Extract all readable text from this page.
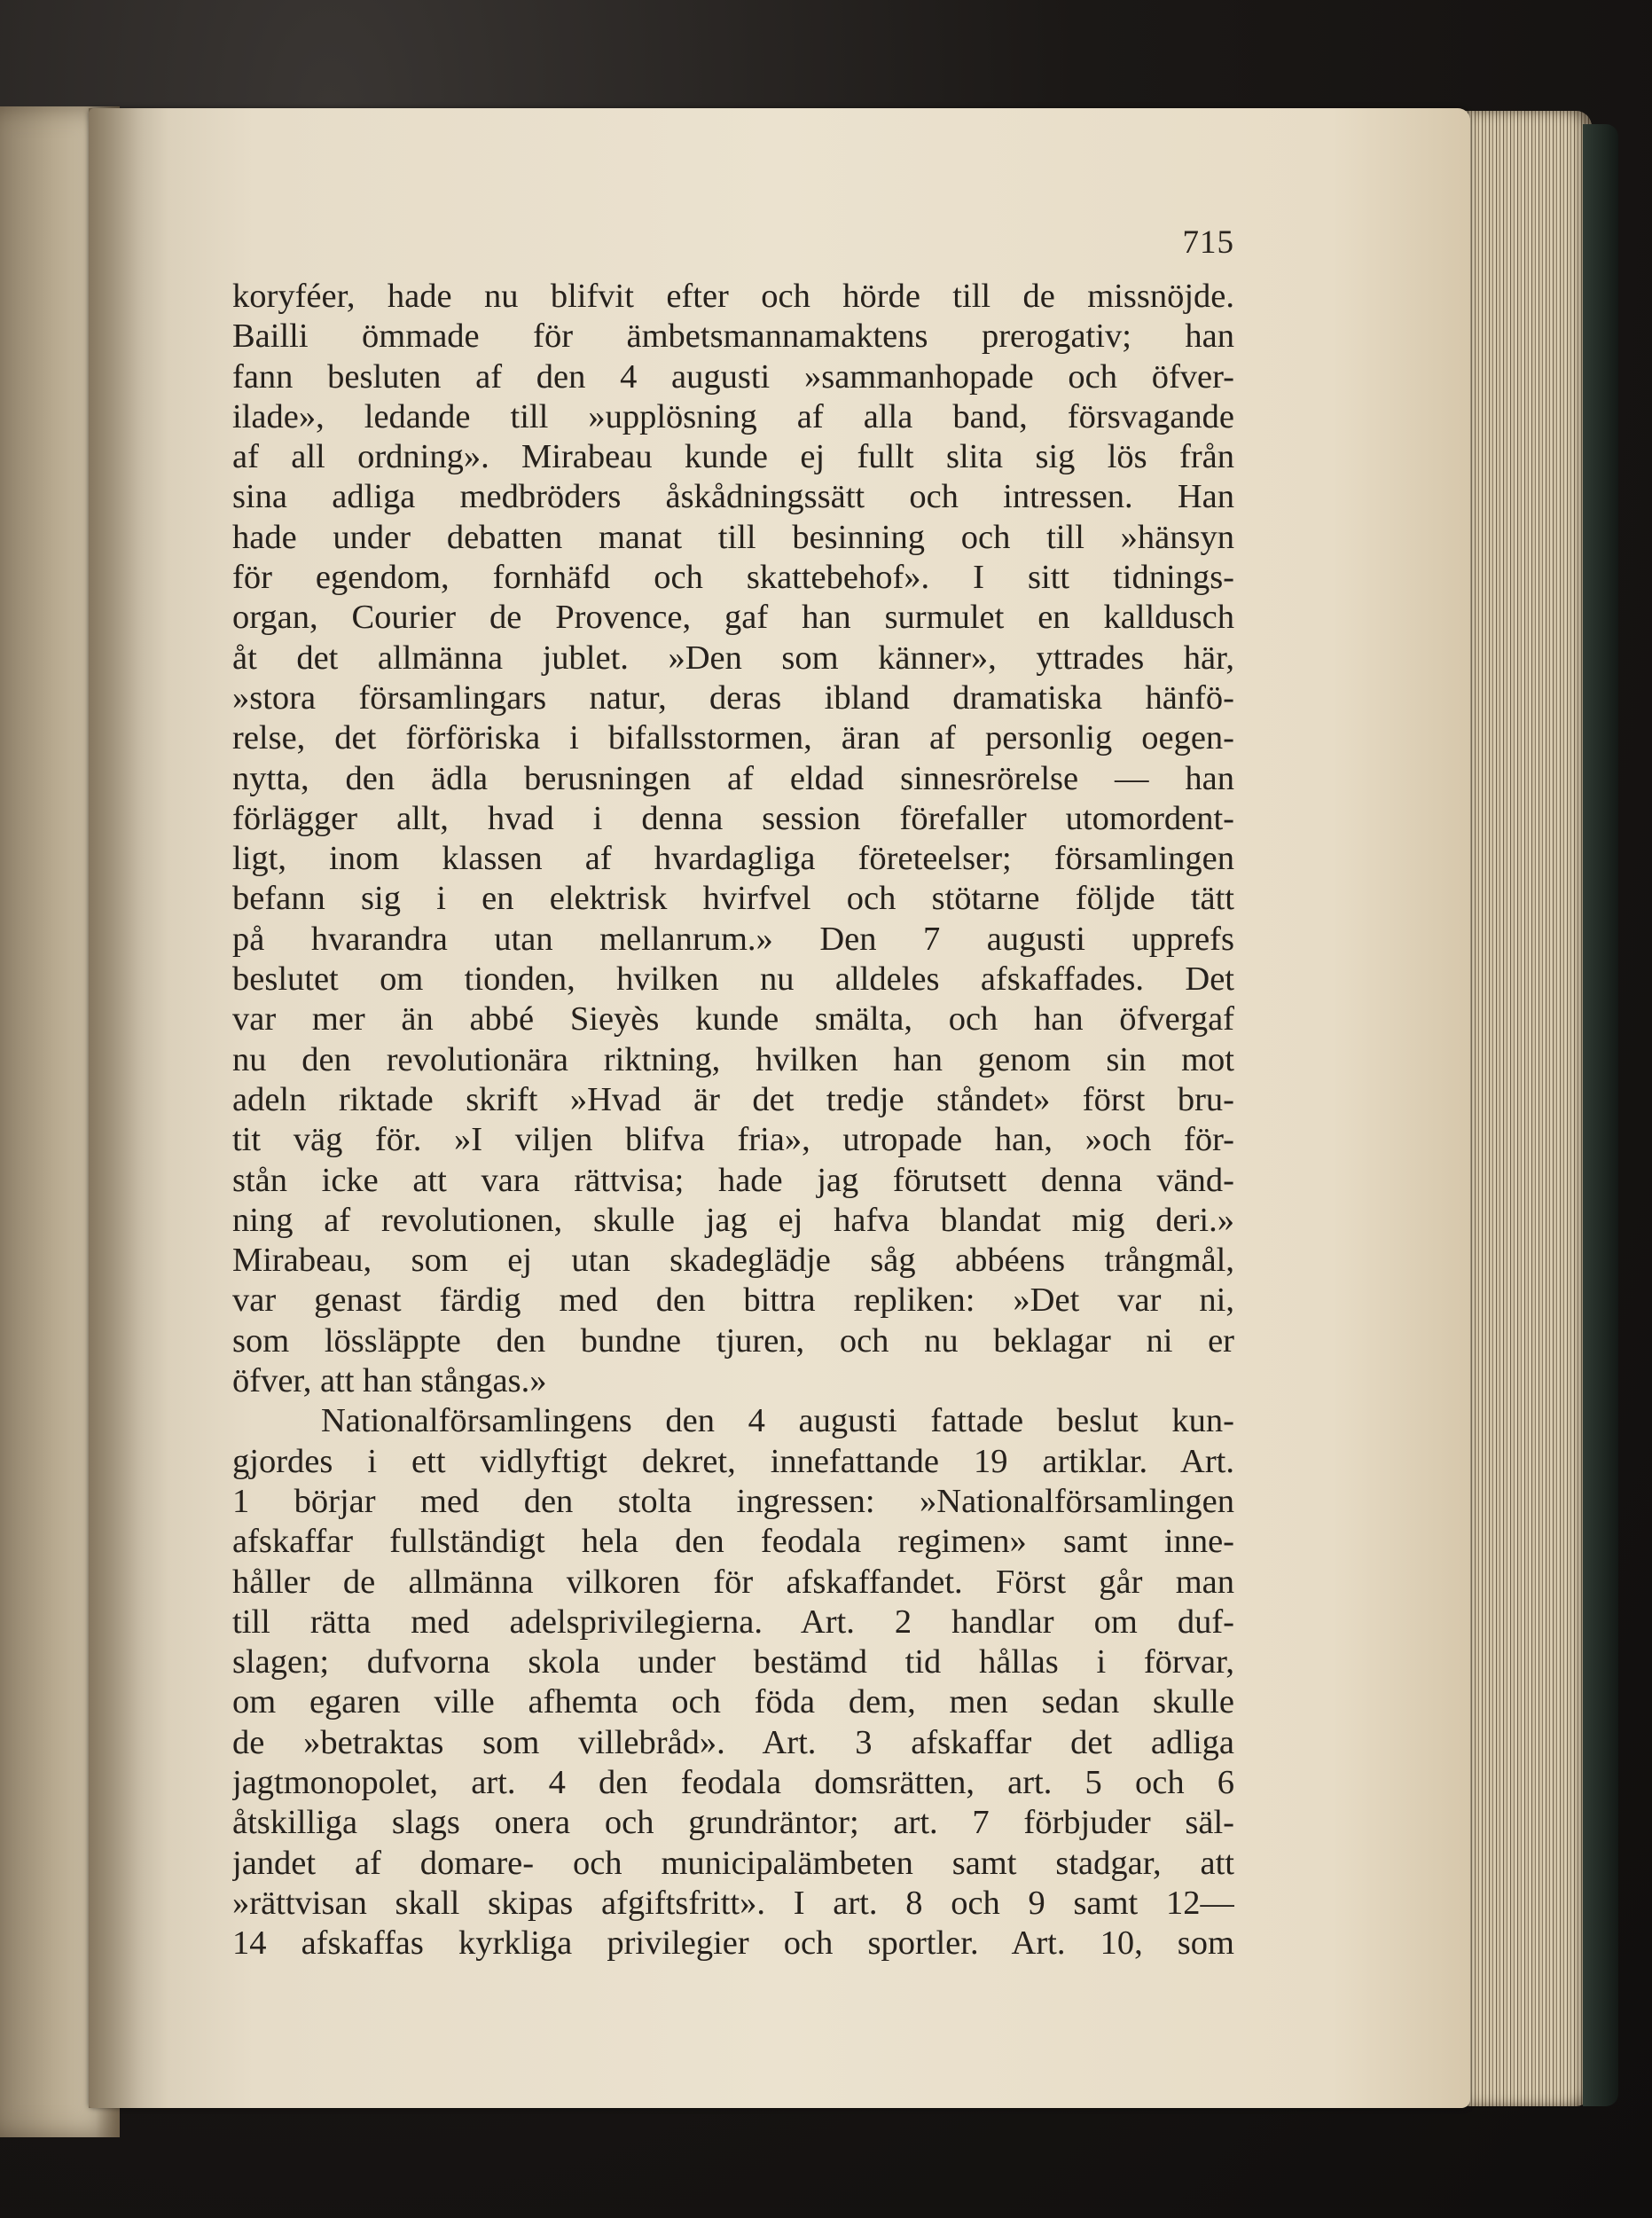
715
koryféer, hade nu blifvit efter och hörde till de missnöjde.
Bailli ömmade för ämbetsmannamaktens prerogativ; han
fann besluten af den 4 augusti »sammanhopade och öfver-
ilade», ledande till »upplösning af alla band, försvagande
af all ordning». Mirabeau kunde ej fullt slita sig lös från
sina adliga medbröders åskådningssätt och intressen. Han
hade under debatten manat till besinning och till »hänsyn
för egendom, fornhäfd och skattebehof». I sitt tidnings-
organ, Courier de Provence, gaf han surmulet en kalldusch
åt det allmänna jublet. »Den som känner», yttrades här,
»stora församlingars natur, deras ibland dramatiska hänfö-
relse, det förföriska i bifallsstormen, äran af personlig oegen-
nytta, den ädla berusningen af eldad sinnesrörelse — han
förlägger allt, hvad i denna session förefaller utomordent-
ligt, inom klassen af hvardagliga företeelser; församlingen
befann sig i en elektrisk hvirfvel och stötarne följde tätt
på hvarandra utan mellanrum.» Den 7 augusti upprefs
beslutet om tionden, hvilken nu alldeles afskaffades. Det
var mer än abbé Sieyès kunde smälta, och han öfvergaf
nu den revolutionära riktning, hvilken han genom sin mot
adeln riktade skrift »Hvad är det tredje ståndet» först bru-
tit väg för. »I viljen blifva fria», utropade han, »och för-
stån icke att vara rättvisa; hade jag förutsett denna vänd-
ning af revolutionen, skulle jag ej hafva blandat mig deri.»
Mirabeau, som ej utan skadeglädje såg abbéens trångmål,
var genast färdig med den bittra repliken: »Det var ni,
som lössläppte den bundne tjuren, och nu beklagar ni er
öfver, att han stångas.»
Nationalförsamlingens den 4 augusti fattade beslut kun-
gjordes i ett vidlyftigt dekret, innefattande 19 artiklar. Art.
1 börjar med den stolta ingressen: »Nationalförsamlingen
afskaffar fullständigt hela den feodala regimen» samt inne-
håller de allmänna vilkoren för afskaffandet. Först går man
till rätta med adelsprivilegierna. Art. 2 handlar om duf-
slagen; dufvorna skola under bestämd tid hållas i förvar,
om egaren ville afhemta och föda dem, men sedan skulle
de »betraktas som villebråd». Art. 3 afskaffar det adliga
jagtmonopolet, art. 4 den feodala domsrätten, art. 5 och 6
åtskilliga slags onera och grundräntor; art. 7 förbjuder säl-
jandet af domare- och municipalämbeten samt stadgar, att
»rättvisan skall skipas afgiftsfritt». I art. 8 och 9 samt 12—
14 afskaffas kyrkliga privilegier och sportler. Art. 10, som
